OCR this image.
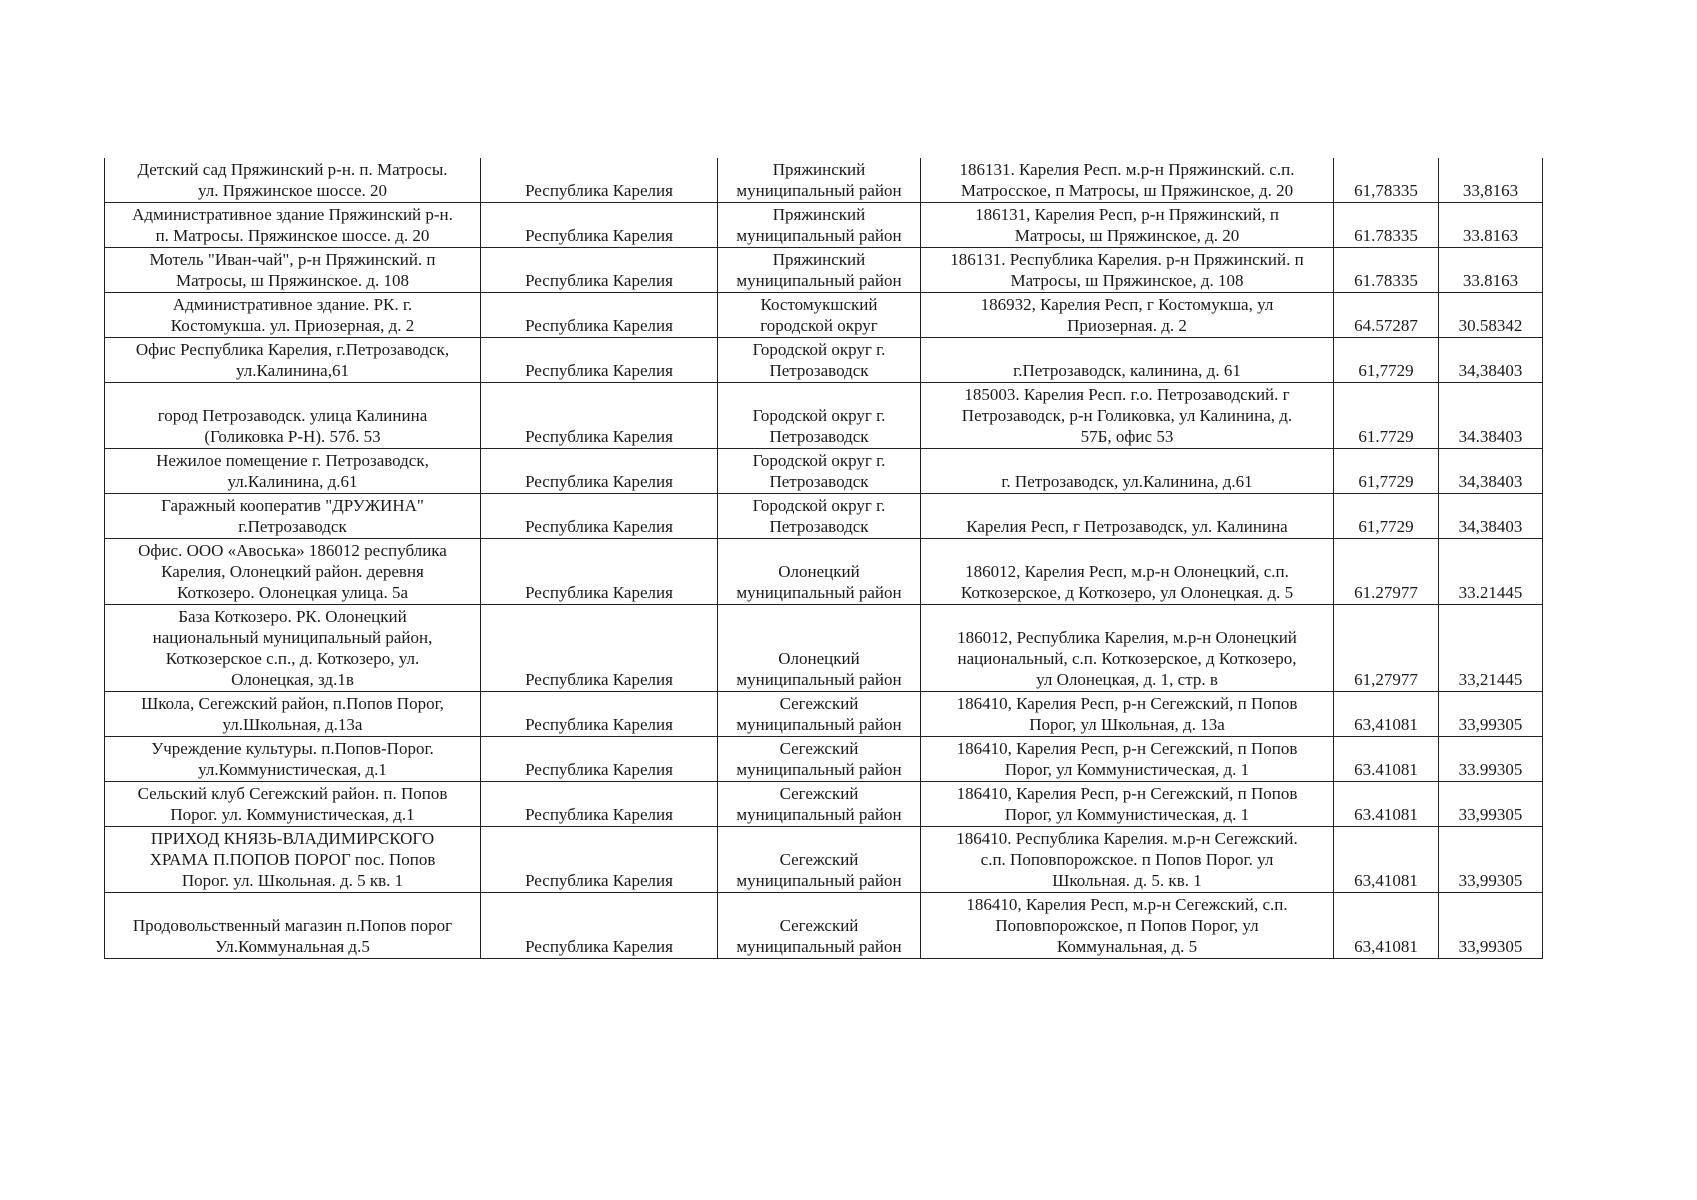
Детский сад Пряжинский р-н. п. Матросы.
ул. Пряжинское шоссе. 20	Республика Карелия	Пряжинский
муниципальный район	186131. Карелия Респ. м.р-н Пряжинский. с.п.
Матросское, п Матросы, ш Пряжинское, д. 20	61,78335	33,8163
Административное здание Пряжинский р-н.
п. Матросы. Пряжинское шоссе. д. 20	Республика Карелия	Пряжинский
муниципальный район	186131, Карелия Респ, р-н Пряжинский, п
Матросы, ш Пряжинское, д. 20	61.78335	33.8163
Мотель "Иван-чай", р-н Пряжинский. п
Матросы, ш Пряжинское. д. 108	Республика Карелия	Пряжинский
муниципальный район	186131. Республика Карелия. р-н Пряжинский. п
Матросы, ш Пряжинское, д. 108	61.78335	33.8163
Административное здание. РК. г.
Костомукша. ул. Приозерная, д. 2	Республика Карелия	Костомукшский
городской округ	186932, Карелия Респ, г Костомукша, ул
Приозерная. д. 2	64.57287	30.58342
Офис Республика Карелия, г.Петрозаводск,
ул.Калинина,61	Республика Карелия	Городской округ г.
Петрозаводск	г.Петрозаводск, калинина, д. 61	61,7729	34,38403
город Петрозаводск. улица Калинина
(Голиковка Р-Н). 57б. 53	Республика Карелия	Городской округ г.
Петрозаводск	185003. Карелия Респ. г.о. Петрозаводский. г
Петрозаводск, р-н Голиковка, ул Калинина, д.
57Б, офис 53	61.7729	34.38403
Нежилое помещение г. Петрозаводск,
ул.Калинина, д.61	Республика Карелия	Городской округ г.
Петрозаводск	г. Петрозаводск, ул.Калинина, д.61	61,7729	34,38403
Гаражный кооператив "ДРУЖИНА"
г.Петрозаводск	Республика Карелия	Городской округ г.
Петрозаводск	Карелия Респ, г Петрозаводск, ул. Калинина	61,7729	34,38403
Офис. ООО «Авоська» 186012 республика
Карелия, Олонецкий район. деревня
Коткозеро. Олонецкая улица. 5а	Республика Карелия	Олонецкий
муниципальный район	186012, Карелия Респ, м.р-н Олонецкий, с.п.
Коткозерское, д Коткозеро, ул Олонецкая. д. 5	61.27977	33.21445
База Коткозеро. РК. Олонецкий
национальный муниципальный район,
Коткозерское с.п., д. Коткозеро, ул.
Олонецкая, зд.1в	Республика Карелия	Олонецкий
муниципальный район	186012, Республика Карелия, м.р-н Олонецкий
национальный, с.п. Коткозерское, д Коткозеро,
ул Олонецкая, д. 1, стр. в	61,27977	33,21445
Школа, Сегежский район, п.Попов Порог,
ул.Школьная, д.13а	Республика Карелия	Сегежский
муниципальный район	186410, Карелия Респ, р-н Сегежский, п Попов
Порог, ул Школьная, д. 13а	63,41081	33,99305
Учреждение культуры. п.Попов-Порог.
ул.Коммунистическая, д.1	Республика Карелия	Сегежский
муниципальный район	186410, Карелия Респ, р-н Сегежский, п Попов
Порог, ул Коммунистическая, д. 1	63.41081	33.99305
Сельский клуб Сегежский район. п. Попов
Порог. ул. Коммунистическая, д.1	Республика Карелия	Сегежский
муниципальный район	186410, Карелия Респ, р-н Сегежский, п Попов
Порог, ул Коммунистическая, д. 1	63.41081	33,99305
ПРИХОД КНЯЗЬ-ВЛАДИМИРСКОГО
ХРАМА П.ПОПОВ ПОРОГ пос. Попов
Порог. ул. Школьная. д. 5 кв. 1	Республика Карелия	Сегежский
муниципальный район	186410. Республика Карелия. м.р-н Сегежский.
с.п. Поповпорожское. п Попов Порог. ул
Школьная. д. 5. кв. 1	63,41081	33,99305
Продовольственный магазин п.Попов порог
Ул.Коммунальная д.5	Республика Карелия	Сегежский
муниципальный район	186410, Карелия Респ, м.р-н Сегежский, с.п.
Поповпорожское, п Попов Порог, ул
Коммунальная, д. 5	63,41081	33,99305
